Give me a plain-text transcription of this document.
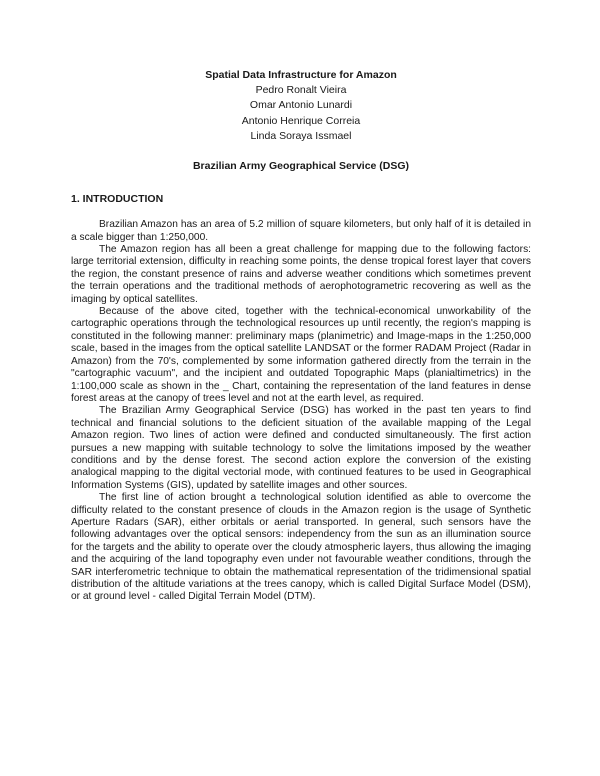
Spatial Data Infrastructure for Amazon
Pedro Ronalt Vieira
Omar Antonio Lunardi
Antonio Henrique Correia
Linda Soraya Issmael
Brazilian Army Geographical Service (DSG)
1. INTRODUCTION

Brazilian Amazon has an area of 5.2 million of square kilometers, but only half of it is detailed in a scale bigger than 1:250,000.

The Amazon region has all been a great challenge for mapping due to the following factors: large territorial extension, difficulty in reaching some points, the dense tropical forest layer that covers the region, the constant presence of rains and adverse weather conditions which sometimes prevent the terrain operations and the traditional methods of aerophotogrametric recovering as well as the imaging by optical satellites.

Because of the above cited, together with the technical-economical unworkability of the cartographic operations through the technological resources up until recently, the region's mapping is constituted in the following manner: preliminary maps (planimetric) and Image-maps in the 1:250,000 scale, based in the images from the optical satellite LANDSAT or the former RADAM Project (Radar in Amazon) from the 70's, complemented by some information gathered directly from the terrain in the "cartographic vacuum", and the incipient and outdated Topographic Maps (planialtimetrics) in the 1:100,000 scale as shown in the _ Chart, containing the representation of the land features in dense forest areas at the canopy of trees level and not at the earth level, as required.

The Brazilian Army Geographical Service (DSG) has worked in the past ten years to find technical and financial solutions to the deficient situation of the available mapping of the Legal Amazon region. Two lines of action were defined and conducted simultaneously. The first action pursues a new mapping with suitable technology to solve the limitations imposed by the weather conditions and by the dense forest. The second action explore the conversion of the existing analogical mapping to the digital vectorial mode, with continued features to be used in Geographical Information Systems (GIS), updated by satellite images and other sources.

The first line of action brought a technological solution identified as able to overcome the difficulty related to the constant presence of clouds in the Amazon region is the usage of Synthetic Aperture Radars (SAR), either orbitals or aerial transported. In general, such sensors have the following advantages over the optical sensors: independency from the sun as an illumination source for the targets and the ability to operate over the cloudy atmospheric layers, thus allowing the imaging and the acquiring of the land topography even under not favourable weather conditions, through the SAR interferometric technique to obtain the mathematical representation of the tridimensional spatial distribution of the altitude variations at the trees canopy, which is called Digital Surface Model (DSM), or at ground level - called Digital Terrain Model (DTM).
